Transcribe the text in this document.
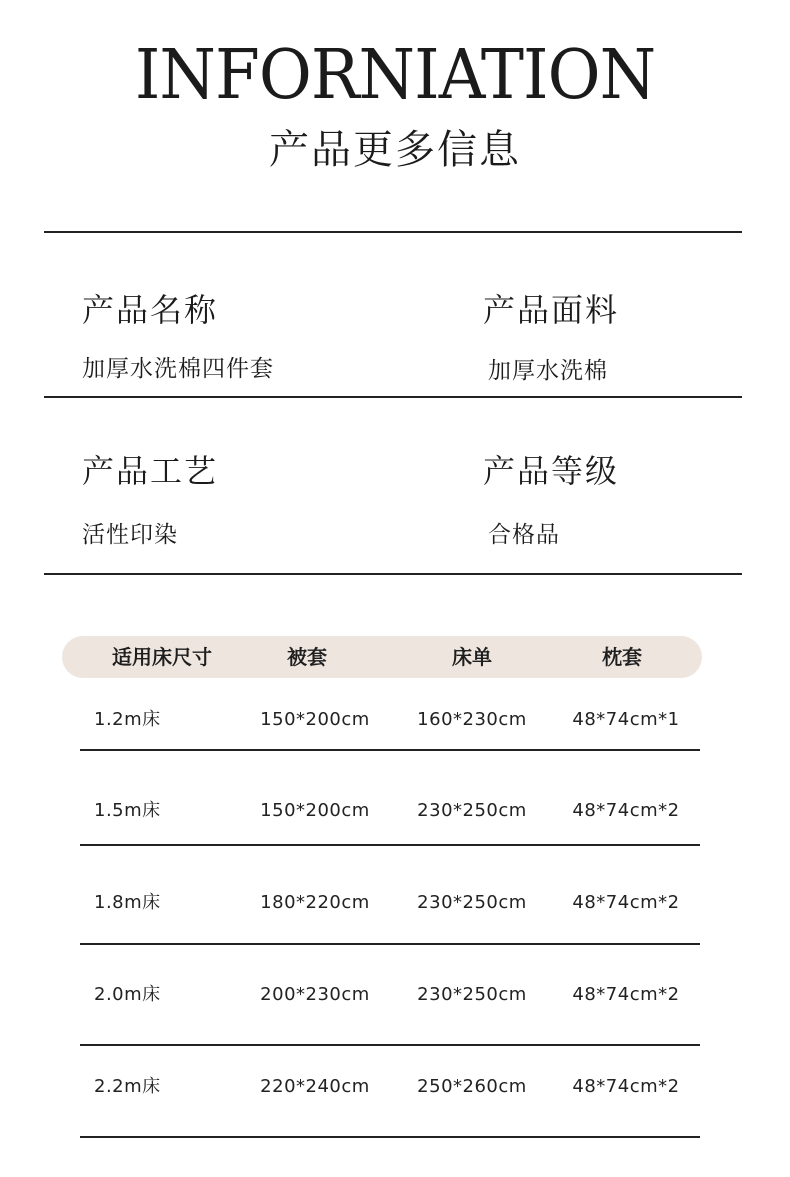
INFORNIATION
产品更多信息
产品名称
加厚水洗棉四件套
产品面料
加厚水洗棉
产品工艺
活性印染
产品等级
合格品
适用床尺寸	被套	床单	枕套
1.2m床	150*200cm	160*230cm	48*74cm*1
1.5m床	150*200cm	230*250cm	48*74cm*2
1.8m床	180*220cm	230*250cm	48*74cm*2
2.0m床	200*230cm	230*250cm	48*74cm*2
2.2m床	220*240cm	250*260cm	48*74cm*2
